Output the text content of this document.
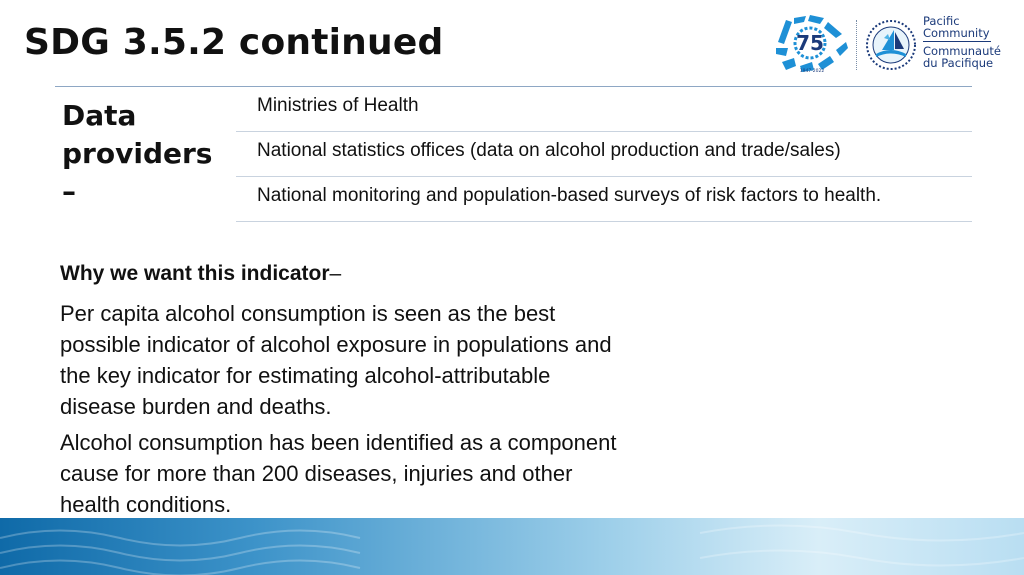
SDG 3.5.2 continued	75
1947-2022
Pacific
Community
Communauté
du Pacifique
Data providers –
Ministries of Health
National statistics offices (data on alcohol production and trade/sales)
National monitoring and population-based surveys of risk factors to health.

Why we want this indicator–

Per capita alcohol consumption is seen as the best possible indicator of alcohol exposure in populations and the key indicator for estimating alcohol-attributable disease burden and deaths.

Alcohol consumption has been identified as a component cause for more than 200 diseases, injuries and other health conditions.
